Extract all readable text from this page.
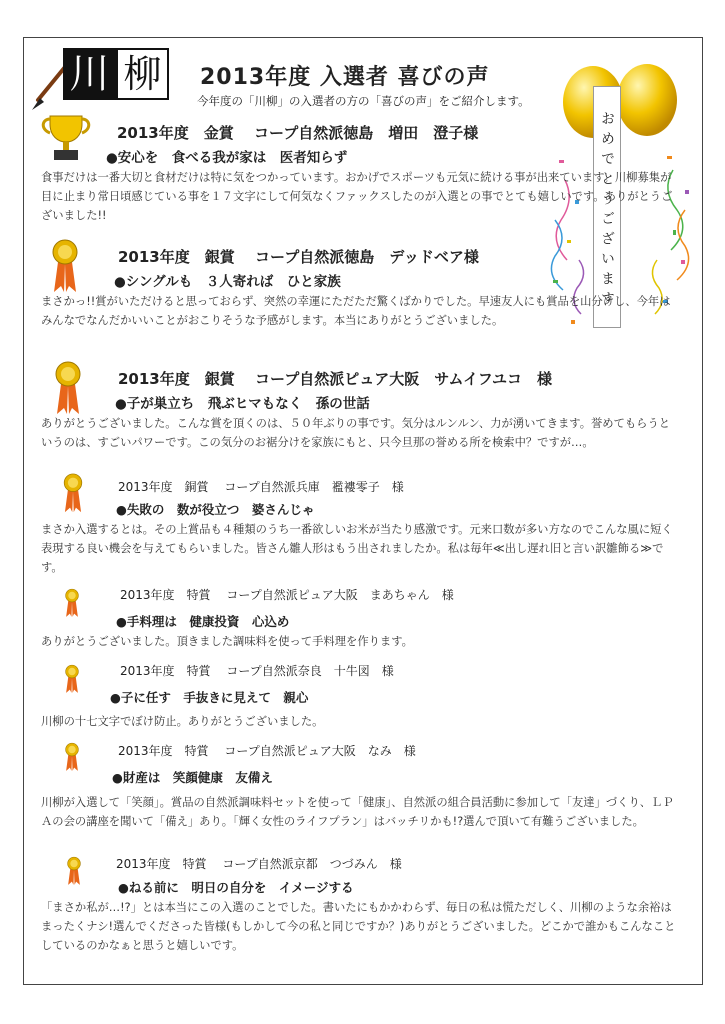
川 柳	2013年度 入選者 喜びの声
今年度の「川柳」の入選者の方の「喜びの声」をご紹介します。
おめでとうございます
2013年度　金賞　 コープ自然派徳島　増田　澄子様
●安心を　食べる我が家は　医者知らず
食事だけは一番大切と食材だけは特に気をつかっています。おかげでスポーツも元気に続ける事が出来ています。川柳募集が目に止まり常日頃感じている事を１７文字にして何気なくファックスしたのが入選との事でとても嬉しいです。ありがとうございました!!
2013年度　銀賞　 コープ自然派徳島　デッドベア様
●シングルも　３人寄れば　ひと家族
まさかっ!!賞がいただけると思っておらず、突然の幸運にただただ驚くばかりでした。早速友人にも賞品を山分けし、今年はみんなでなんだかいいことがおこりそうな予感がします。本当にありがとうございました。
2013年度　銀賞　 コープ自然派ピュア大阪　サムイフユコ　様
●子が巣立ち　飛ぶヒマもなく　孫の世話
ありがとうございました。こんな賞を頂くのは、５０年ぶりの事です。気分はルンルン、力が湧いてきます。誉めてもらうというのは、すごいパワーです。この気分のお裾分けを家族にもと、只今旦那の誉める所を検索中？ですが…。
2013年度　銅賞　 コープ自然派兵庫　襤褸零子　様
●失敗の　数が役立つ　婆さんじゃ
まさか入選するとは。その上賞品も４種類のうち一番欲しいお米が当たり感激です。元来口数が多い方なのでこんな風に短く表現する良い機会を与えてもらいました。皆さん雛人形はもう出されましたか。私は毎年≪出し遅れ旧と言い訳雛飾る≫です。
2013年度　特賞　 コープ自然派ピュア大阪　まあちゃん　様
●手料理は　健康投資　心込め
ありがとうございました。頂きました調味料を使って手料理を作ります。
2013年度　特賞　 コープ自然派奈良　十牛図　様
●子に任す　手抜きに見えて　親心
川柳の十七文字でぼけ防止。ありがとうございました。
2013年度　特賞　 コープ自然派ピュア大阪　なみ　様
●財産は　笑顔健康　友備え
川柳が入選して「笑顔」。賞品の自然派調味料セットを使って「健康」、自然派の組合員活動に参加して「友達」づくり、ＬＰＡの会の講座を聞いて「備え」あり。「輝く女性のライフプラン」はバッチリかも!?選んで頂いて有難うございました。
2013年度　特賞　 コープ自然派京都　つづみん　様
●ねる前に　明日の自分を　イメージする
「まさか私が…!?」とは本当にこの入選のことでした。書いたにもかかわらず、毎日の私は慌ただしく、川柳のような余裕はまったくナシ!選んでくださった皆様(もしかして今の私と同じですか？)ありがとうございました。どこかで誰かもこんなことしているのかなぁと思うと嬉しいです。
